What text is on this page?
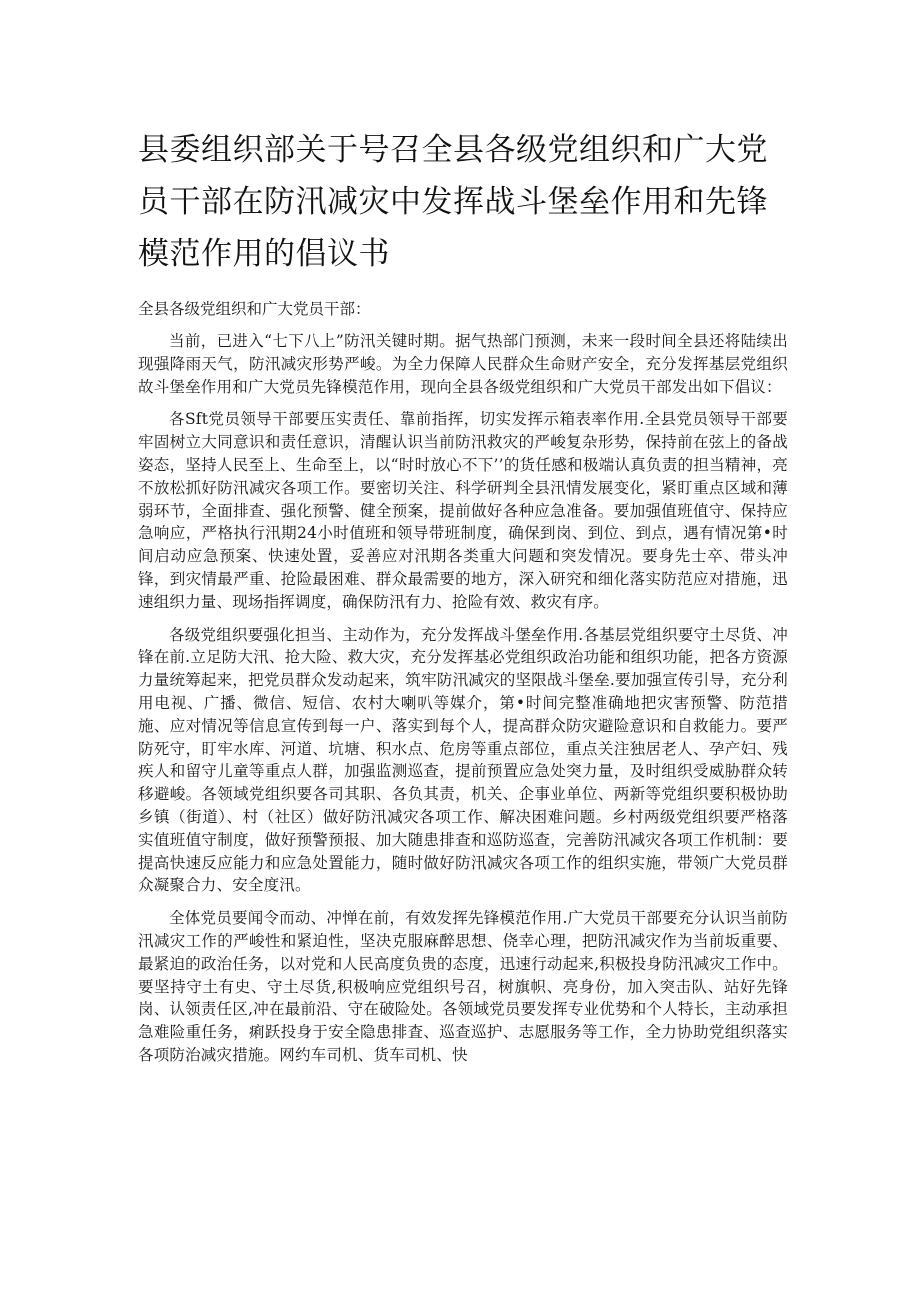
县委组织部关于号召全县各级党组织和广大党员干部在防汛减灾中发挥战斗堡垒作用和先锋模范作用的倡议书

全县各级党组织和广大党员干部：

当前，已进入“七下八上”防汛关键时期。据气热部门预测，未来一段时间全县还将陆续出现强降雨天气，防汛减灾形势严峻。为全力保障人民群众生命财产安全，充分发挥基层党组织故斗堡垒作用和广大党员先锋模范作用，现向全县各级党组织和广大党员干部发出如下倡议：

各Sft党员领导干部要压实责任、靠前指挥，切实发挥示箱表率作用.全县党员领导干部要牢固树立大同意识和责任意识，清醒认识当前防汛救灾的严峻复杂形势，保持前在弦上的备战姿态，坚持人民至上、生命至上，以“时时放心不下’’的货任感和极端认真负责的担当精神，亮不放松抓好防汛减灾各项工作。要密切关注、科学研判全县汛情发展变化，紧盯重点区域和薄弱环节，全面排查、强化预警、健全预案，提前做好各种应急准备。要加强值班值守、保持应急响应，严格执行汛期24小时值班和领导带班制度，确保到岗、到位、到点，遇有情况第•时间启动应急预案、快速处置，妥善应对汛期各类重大问题和突发情况。要身先士卒、带头冲锋，到灾情最严重、抢险最困难、群众最需要的地方，深入研究和细化落实防范应对措施，迅速组织力量、现场指挥调度，确保防汛有力、抢险有效、救灾有序。

各级党组织要强化担当、主动作为，充分发挥战斗堡垒作用.各基层党组织要守土尽货、冲锋在前.立足防大汛、抢大险、救大灾，充分发挥基必党组织政治功能和组织功能，把各方资源力量统筹起来，把党员群众发动起来，筑牢防汛减灾的坚限战斗堡垒.要加强宣传引导，充分利用电视、广播、微信、短信、农村大喇叭等媒介，第•时间完整准确地把灾害预警、防范措施、应对情况等信息宣传到每一户、落实到每个人，提高群众防灾避险意识和自救能力。要严防死守，盯牢水库、河道、坑塘、积水点、危房等重点部位，重点关注独居老人、孕产妇、残疾人和留守儿童等重点人群，加强监测巡查，提前预置应急处突力量，及时组织受威胁群众转移避峻。各领域党组织要各司其职、各负其责，机关、企事业单位、两新等党组织要积极协助乡镇（街道）、村（社区）做好防汛减灾各项工作、解决困难问题。乡村两级党组织要严格落实值班值守制度，做好预警预报、加大随患排查和巡防巡查，完善防汛减灾各项工作机制：要提高快速反应能力和应急处置能力，随时做好防汛减灾各项工作的组织实施，带领广大党员群众凝聚合力、安全度汛。

全体党员要闻令而动、冲惮在前，有效发挥先锋模范作用.广大党员干部要充分认识当前防汛减灾工作的严峻性和紧迫性，坚决克服麻醉思想、侥幸心理，把防汛减灾作为当前坂重要、最紧迫的政治任务，以对党和人民高度负贵的态度，迅速行动起来,积极投身防汛减灾工作中。要坚持守土有史、守土尽货,积极响应党组织号召，树旗帜、亮身份，加入突击队、站好先锋岗、认领责任区,冲在最前沿、守在破险处。各领域党员要发挥专业优势和个人特长，主动承担急难险重任务，痢跃投身于安全隐患排査、巡查巡护、志愿服务等工作，全力协助党组织落实各项防治减灾措施。网约车司机、货车司机、快
